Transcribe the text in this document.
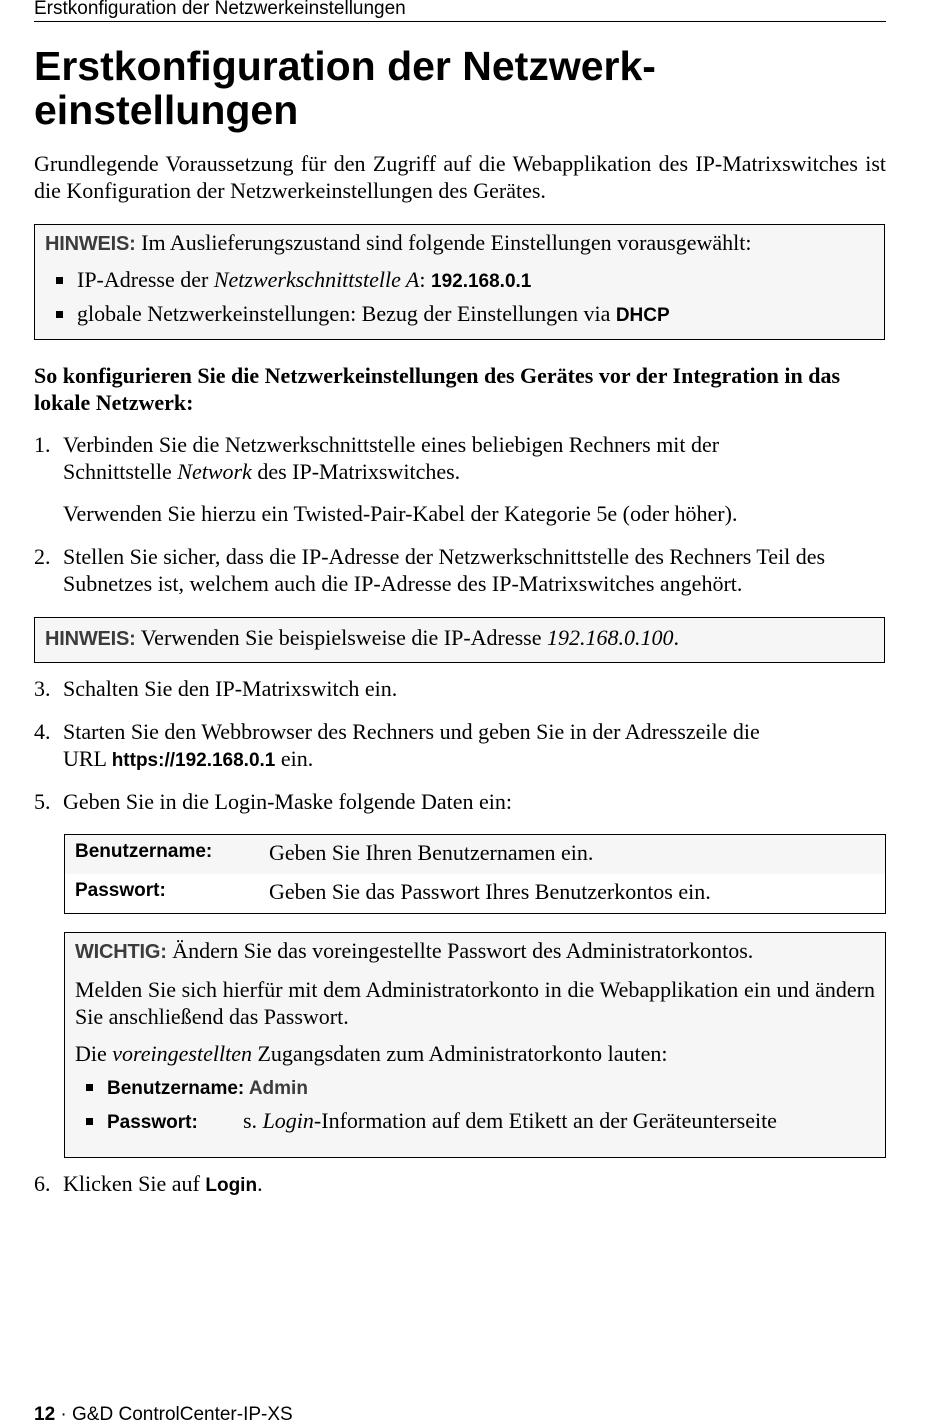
Erstkonfiguration der Netzwerkeinstellungen
Erstkonfiguration der Netzwerk-
einstellungen

Grundlegende Voraussetzung für den Zugriff auf die Webapplikation des IP-Matrixswitches ist die Konfiguration der Netzwerkeinstellungen des Gerätes.

HINWEIS: Im Auslieferungszustand sind folgende Einstellungen vorausgewählt:

IP-Adresse der Netzwerkschnittstelle A: 192.168.0.1
globale Netzwerkeinstellungen: Bezug der Einstellungen via DHCP

So konfigurieren Sie die Netzwerkeinstellungen des Gerätes vor der Integration in das lokale Netzwerk:

1. Verbinden Sie die Netzwerkschnittstelle eines beliebigen Rechners mit der
Schnittstelle Network des IP-Matrixswitches.
Verwenden Sie hierzu ein Twisted-Pair-Kabel der Kategorie 5e (oder höher).
2. Stellen Sie sicher, dass die IP-Adresse der Netzwerkschnittstelle des Rechners Teil des Subnetzes ist, welchem auch die IP-Adresse des IP-Matrixswitches angehört.

HINWEIS: Verwenden Sie beispielsweise die IP-Adresse 192.168.0.100.

3. Schalten Sie den IP-Matrixswitch ein.
4. Starten Sie den Webbrowser des Rechners und geben Sie in der Adresszeile die
URL https://192.168.0.1 ein.
5. Geben Sie in die Login-Maske folgende Daten ein:
Benutzername:	Geben Sie Ihren Benutzernamen ein.
Passwort:	Geben Sie das Passwort Ihres Benutzerkontos ein.

WICHTIG: Ändern Sie das voreingestellte Passwort des Administratorkontos.

Melden Sie sich hierfür mit dem Administratorkonto in die Webapplikation ein und ändern Sie anschließend das Passwort.

Die voreingestellten Zugangsdaten zum Administratorkonto lauten:

Benutzername: Admin
Passwort: s. Login-Information auf dem Etikett an der Geräteunterseite
6. Klicken Sie auf Login.
12 · G&D ControlCenter-IP-XS
